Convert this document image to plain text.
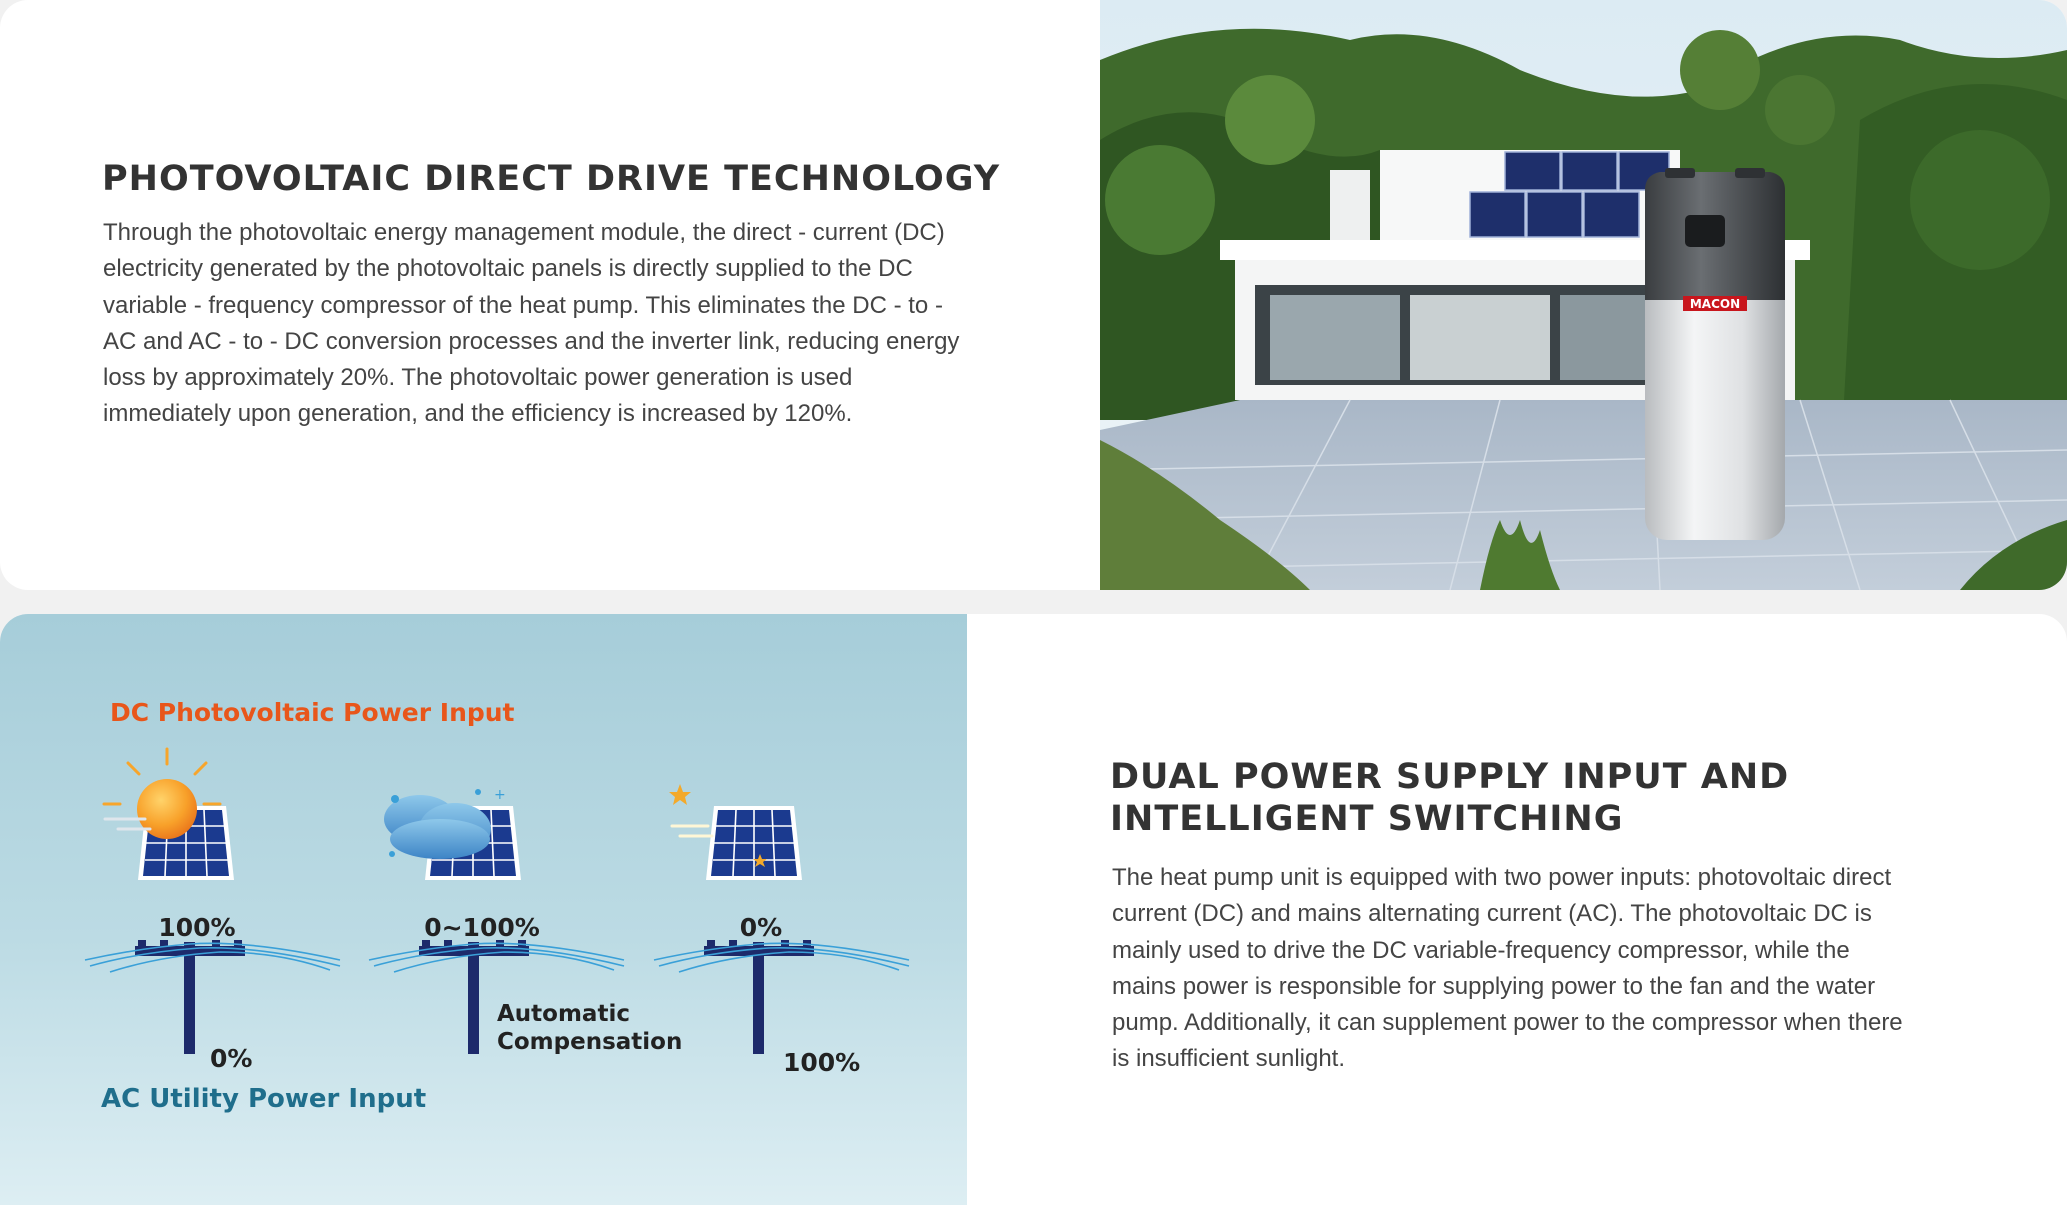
PHOTOVOLTAIC DIRECT DRIVE TECHNOLOGY

Through the photovoltaic energy management module, the direct - current (DC) electricity generated by the photovoltaic panels is directly supplied to the DC variable - frequency compressor of the heat pump. This eliminates the DC - to - AC and AC - to - DC conversion processes and the inverter link, reducing energy loss by approximately 20%. The photovoltaic power generation is used immediately upon generation, and the efficiency is increased by 120%.

MACON
DC Photovoltaic Power Input
100%
0%
+
0~100%
Automatic
Compensation
0%
100%
AC Utility Power Input
DUAL POWER SUPPLY INPUT AND
INTELLIGENT SWITCHING

The heat pump unit is equipped with two power inputs: photovoltaic direct current (DC) and mains alternating current (AC). The photovoltaic DC is mainly used to drive the DC variable-frequency compressor, while the mains power is responsible for supplying power to the fan and the water pump. Additionally, it can supplement power to the compressor when there is insufficient sunlight.
